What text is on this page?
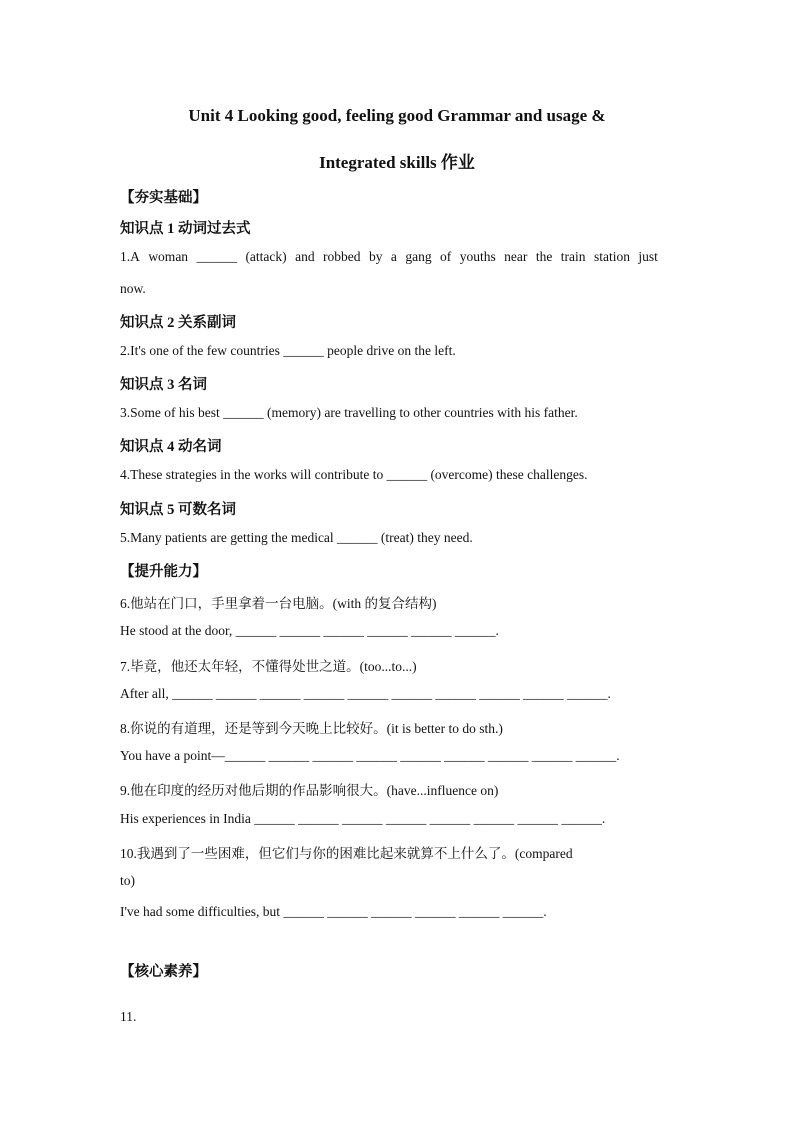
Unit 4 Looking good, feeling good Grammar and usage &
Integrated skills 作业
【夯实基础】
知识点 1 动词过去式
1.A woman ______ (attack) and robbed by a gang of youths near the train station just
now.
知识点 2 关系副词
2.It's one of the few countries ______ people drive on the left.
知识点 3 名词
3.Some of his best ______ (memory) are travelling to other countries with his father.
知识点 4 动名词
4.These strategies in the works will contribute to ______ (overcome) these challenges.
知识点 5 可数名词
5.Many patients are getting the medical ______ (treat) they need.
【提升能力】
6.他站在门口，手里拿着一台电脑。(with 的复合结构)
He stood at the door, ______ ______ ______ ______ ______ ______.
7.毕竟，他还太年轻，不懂得处世之道。(too...to...)
After all, ______ ______ ______ ______ ______ ______ ______ ______ ______ ______.
8.你说的有道理，还是等到今天晚上比较好。(it is better to do sth.)
You have a point—______ ______ ______ ______ ______ ______ ______ ______ ______.
9.他在印度的经历对他后期的作品影响很大。(have...influence on)
His experiences in India ______ ______ ______ ______ ______ ______ ______ ______.
10.我遇到了一些困难，但它们与你的困难比起来就算不上什么了。(compared
to)
I've had some difficulties, but ______ ______ ______ ______ ______ ______.
【核心素养】
11.
